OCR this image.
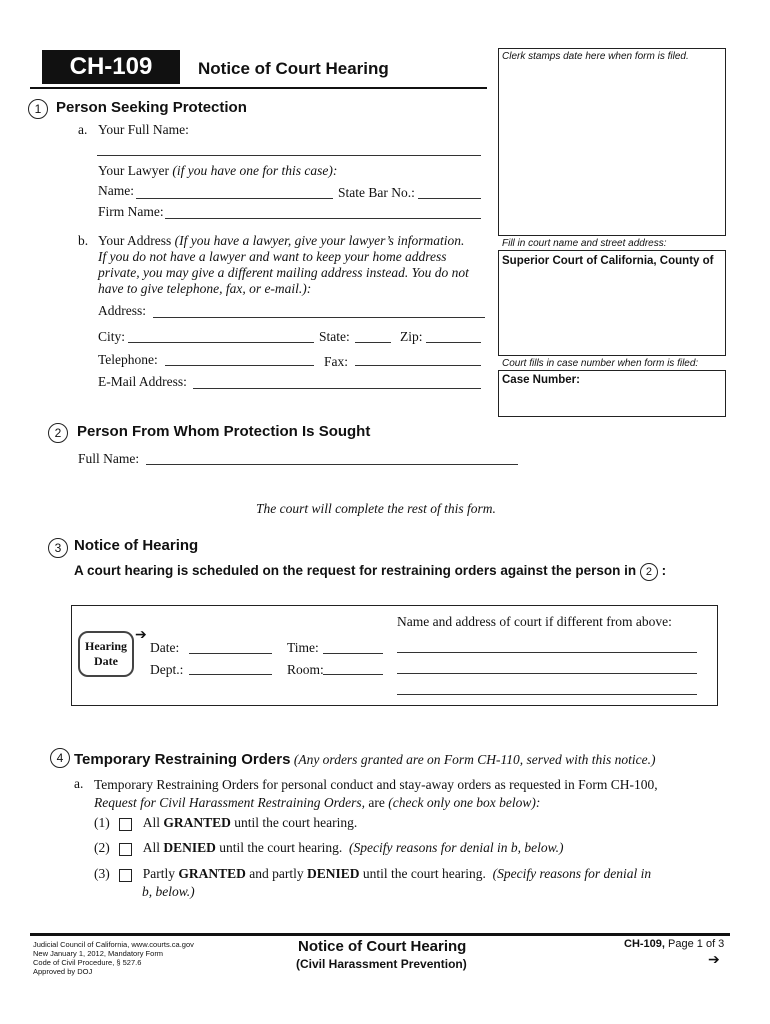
CH-109	Notice of Court Hearing
Clerk stamps date here when form is filed.
Fill in court name and street address:
Superior Court of California, County of
Court fills in case number when form is filed:
Case Number:
1 Person Seeking Protection
a. Your Full Name:
Your Lawyer (if you have one for this case):
Name:	State Bar No.:
Firm Name:
b. Your Address (If you have a lawyer, give your lawyer’s information.
If you do not have a lawyer and want to keep your home address
private, you may give a different mailing address instead. You do not
have to give telephone, fax, or e-mail.):
Address:
City:	State:	Zip:
Telephone:	Fax:
E-Mail Address:
2	Person From Whom Protection Is Sought
Full Name:
The court will complete the rest of this form.
3 Notice of Hearing
A court hearing is scheduled on the request for restraining orders against the person in 2 :
Hearing
Date
➔
Date:	Time:
Dept.:	Room:
Name and address of court if different from above:
4 Temporary Restraining Orders (Any orders granted are on Form CH-110, served with this notice.)
a. Temporary Restraining Orders for personal conduct and stay-away orders as requested in Form CH-100,
Request for Civil Harassment Restraining Orders, are (check only one box below):
(1) All GRANTED until the court hearing.
(2) All DENIED until the court hearing.  (Specify reasons for denial in b, below.)
(3) Partly GRANTED and partly DENIED until the court hearing.  (Specify reasons for denial in
b, below.)
Judicial Council of California, www.courts.ca.gov
New January 1, 2012, Mandatory Form
Code of Civil Procedure, § 527.6
Approved by DOJ
Notice of Court Hearing
(Civil Harassment Prevention)
CH-109, Page 1 of 3
➔
